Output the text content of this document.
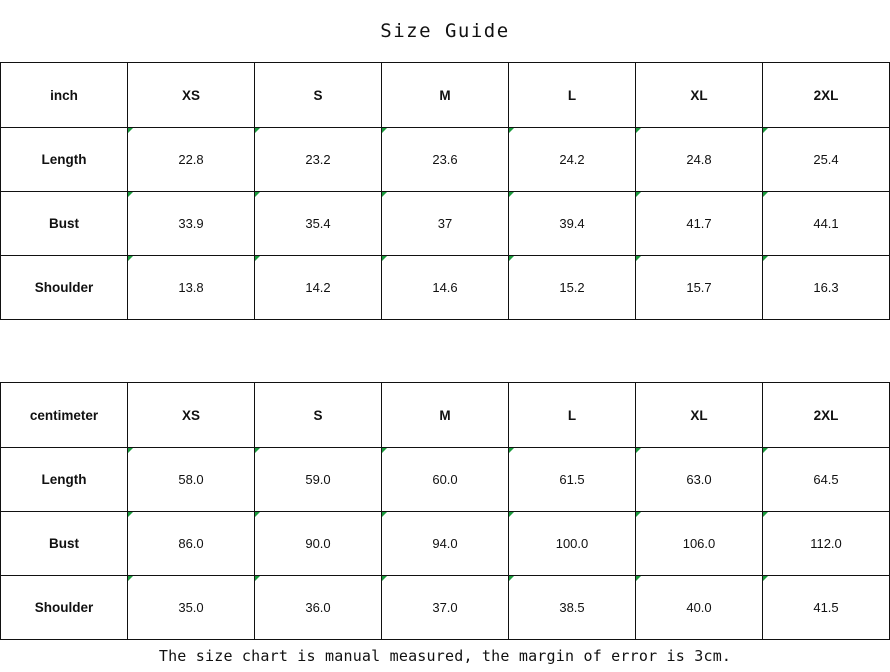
Size Guide
inch	XS	S	M	L	XL	2XL
Length	22.8	23.2	23.6	24.2	24.8	25.4
Bust	33.9	35.4	37	39.4	41.7	44.1
Shoulder	13.8	14.2	14.6	15.2	15.7	16.3
centimeter	XS	S	M	L	XL	2XL
Length	58.0	59.0	60.0	61.5	63.0	64.5
Bust	86.0	90.0	94.0	100.0	106.0	112.0
Shoulder	35.0	36.0	37.0	38.5	40.0	41.5
The size chart is manual measured, the margin of error is 3cm.
